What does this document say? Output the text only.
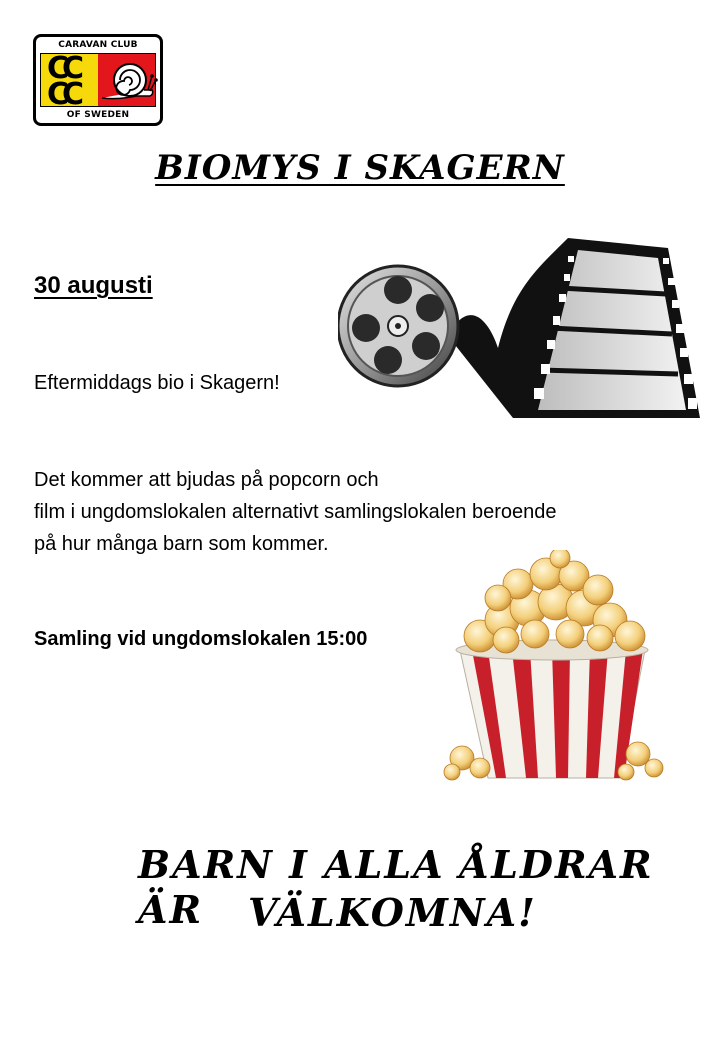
CARAVAN CLUB
CC
CC
OF SWEDEN
BIOMYS I SKAGERN
30 augusti
Eftermiddags bio i Skagern!
Det kommer att bjudas på popcorn och
film i ungdomslokalen alternativt samlingslokalen beroende
på hur många barn som kommer.
Samling vid ungdomslokalen 15:00
BARN I ALLA ÅLDRAR ÄR	VÄLKOMNA!
